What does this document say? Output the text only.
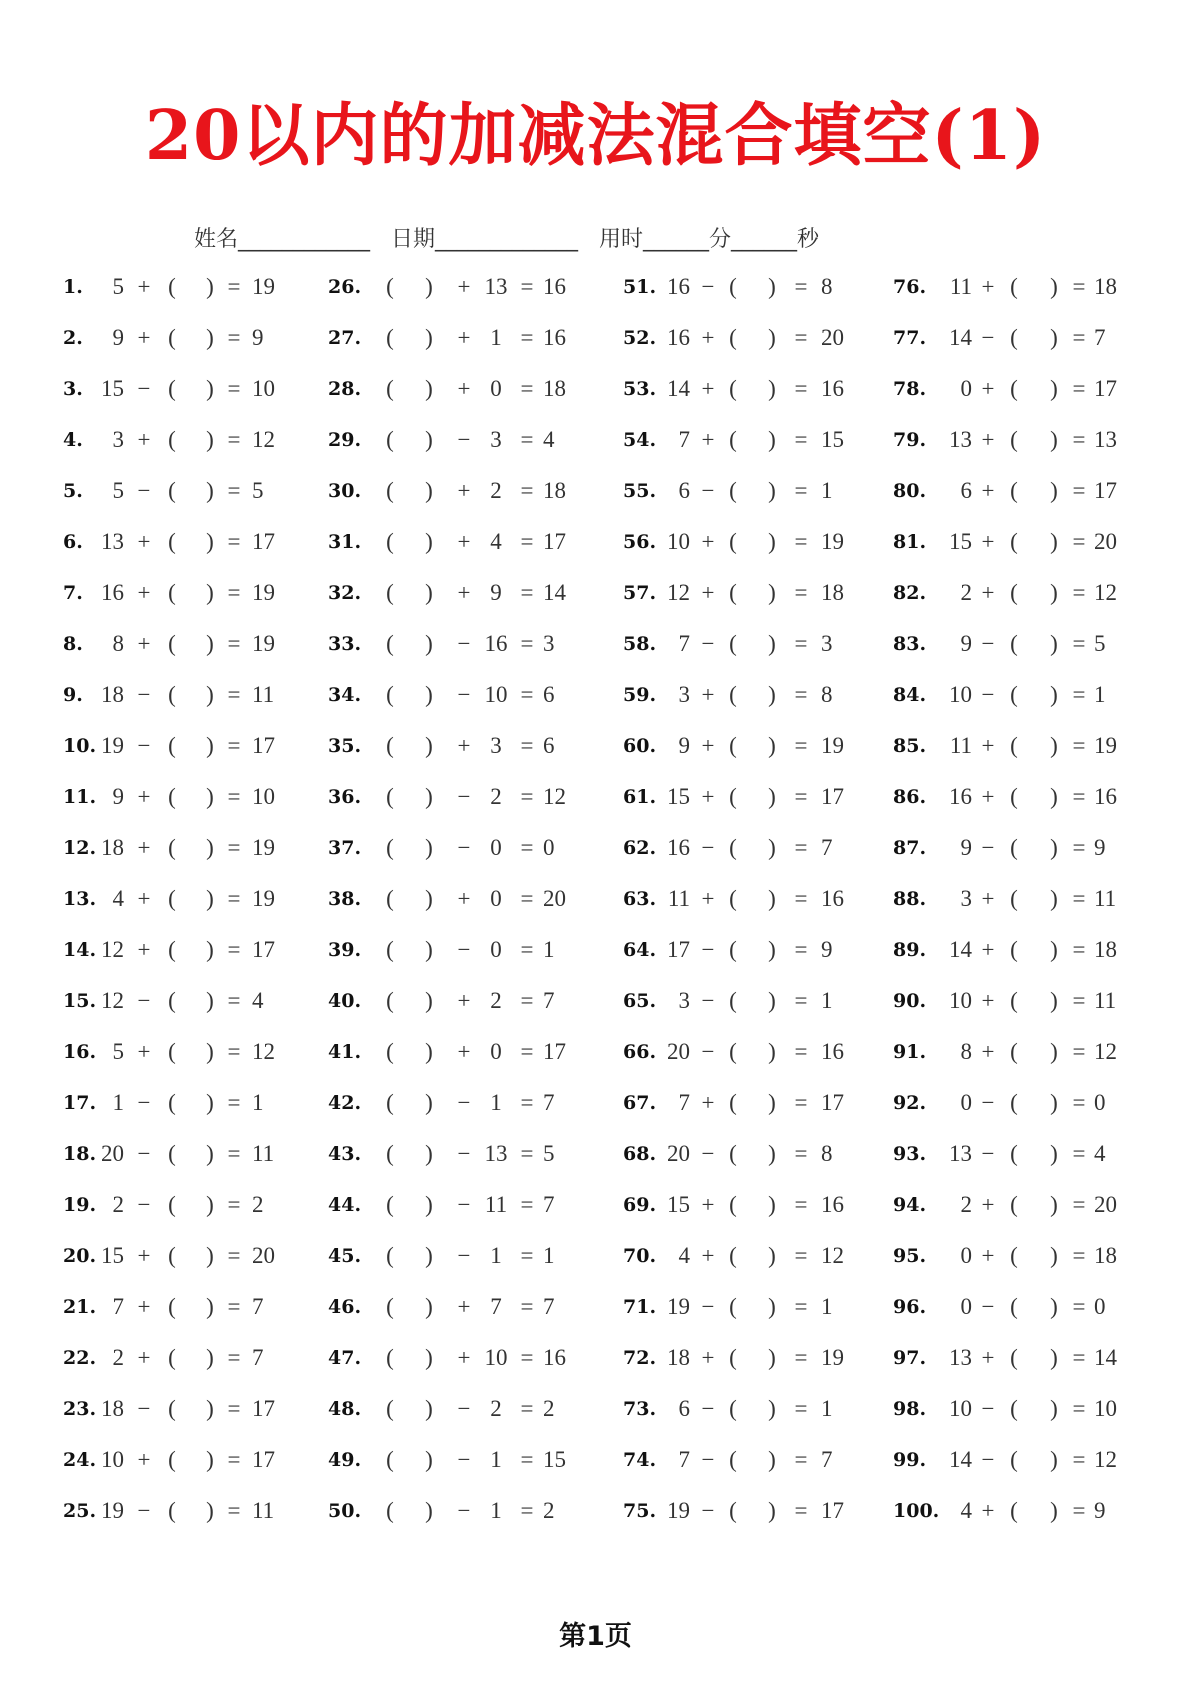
20以内的加减法混合填空(1)
姓名____________ 日期_____________ 用时______分______秒
1. 5 + ( ) = 19
2. 9 + ( ) = 9
3. 15 − ( ) = 10
4. 3 + ( ) = 12
5. 5 − ( ) = 5
6. 13 + ( ) = 17
7. 16 + ( ) = 19
8. 8 + ( ) = 19
9. 18 − ( ) = 11
10. 19 − ( ) = 17
11. 9 + ( ) = 10
12. 18 + ( ) = 19
13. 4 + ( ) = 19
14. 12 + ( ) = 17
15. 12 − ( ) = 4
16. 5 + ( ) = 12
17. 1 − ( ) = 1
18. 20 − ( ) = 11
19. 2 − ( ) = 2
20. 15 + ( ) = 20
21. 7 + ( ) = 7
22. 2 + ( ) = 7
23. 18 − ( ) = 17
24. 10 + ( ) = 17
25. 19 − ( ) = 11
26. ( ) + 13 = 16
27. ( ) + 1 = 16
28. ( ) + 0 = 18
29. ( ) − 3 = 4
30. ( ) + 2 = 18
31. ( ) + 4 = 17
32. ( ) + 9 = 14
33. ( ) − 16 = 3
34. ( ) − 10 = 6
35. ( ) + 3 = 6
36. ( ) − 2 = 12
37. ( ) − 0 = 0
38. ( ) + 0 = 20
39. ( ) − 0 = 1
40. ( ) + 2 = 7
41. ( ) + 0 = 17
42. ( ) − 1 = 7
43. ( ) − 13 = 5
44. ( ) − 11 = 7
45. ( ) − 1 = 1
46. ( ) + 7 = 7
47. ( ) + 10 = 16
48. ( ) − 2 = 2
49. ( ) − 1 = 15
50. ( ) − 1 = 2
51. 16 − ( ) = 8
52. 16 + ( ) = 20
53. 14 + ( ) = 16
54. 7 + ( ) = 15
55. 6 − ( ) = 1
56. 10 + ( ) = 19
57. 12 + ( ) = 18
58. 7 − ( ) = 3
59. 3 + ( ) = 8
60. 9 + ( ) = 19
61. 15 + ( ) = 17
62. 16 − ( ) = 7
63. 11 + ( ) = 16
64. 17 − ( ) = 9
65. 3 − ( ) = 1
66. 20 − ( ) = 16
67. 7 + ( ) = 17
68. 20 − ( ) = 8
69. 15 + ( ) = 16
70. 4 + ( ) = 12
71. 19 − ( ) = 1
72. 18 + ( ) = 19
73. 6 − ( ) = 1
74. 7 − ( ) = 7
75. 19 − ( ) = 17
76. 11 + ( ) = 18
77. 14 − ( ) = 7
78. 0 + ( ) = 17
79. 13 + ( ) = 13
80. 6 + ( ) = 17
81. 15 + ( ) = 20
82. 2 + ( ) = 12
83. 9 − ( ) = 5
84. 10 − ( ) = 1
85. 11 + ( ) = 19
86. 16 + ( ) = 16
87. 9 − ( ) = 9
88. 3 + ( ) = 11
89. 14 + ( ) = 18
90. 10 + ( ) = 11
91. 8 + ( ) = 12
92. 0 − ( ) = 0
93. 13 − ( ) = 4
94. 2 + ( ) = 20
95. 0 + ( ) = 18
96. 0 − ( ) = 0
97. 13 + ( ) = 14
98. 10 − ( ) = 10
99. 14 − ( ) = 12
100. 4 + ( ) = 9
第1页
